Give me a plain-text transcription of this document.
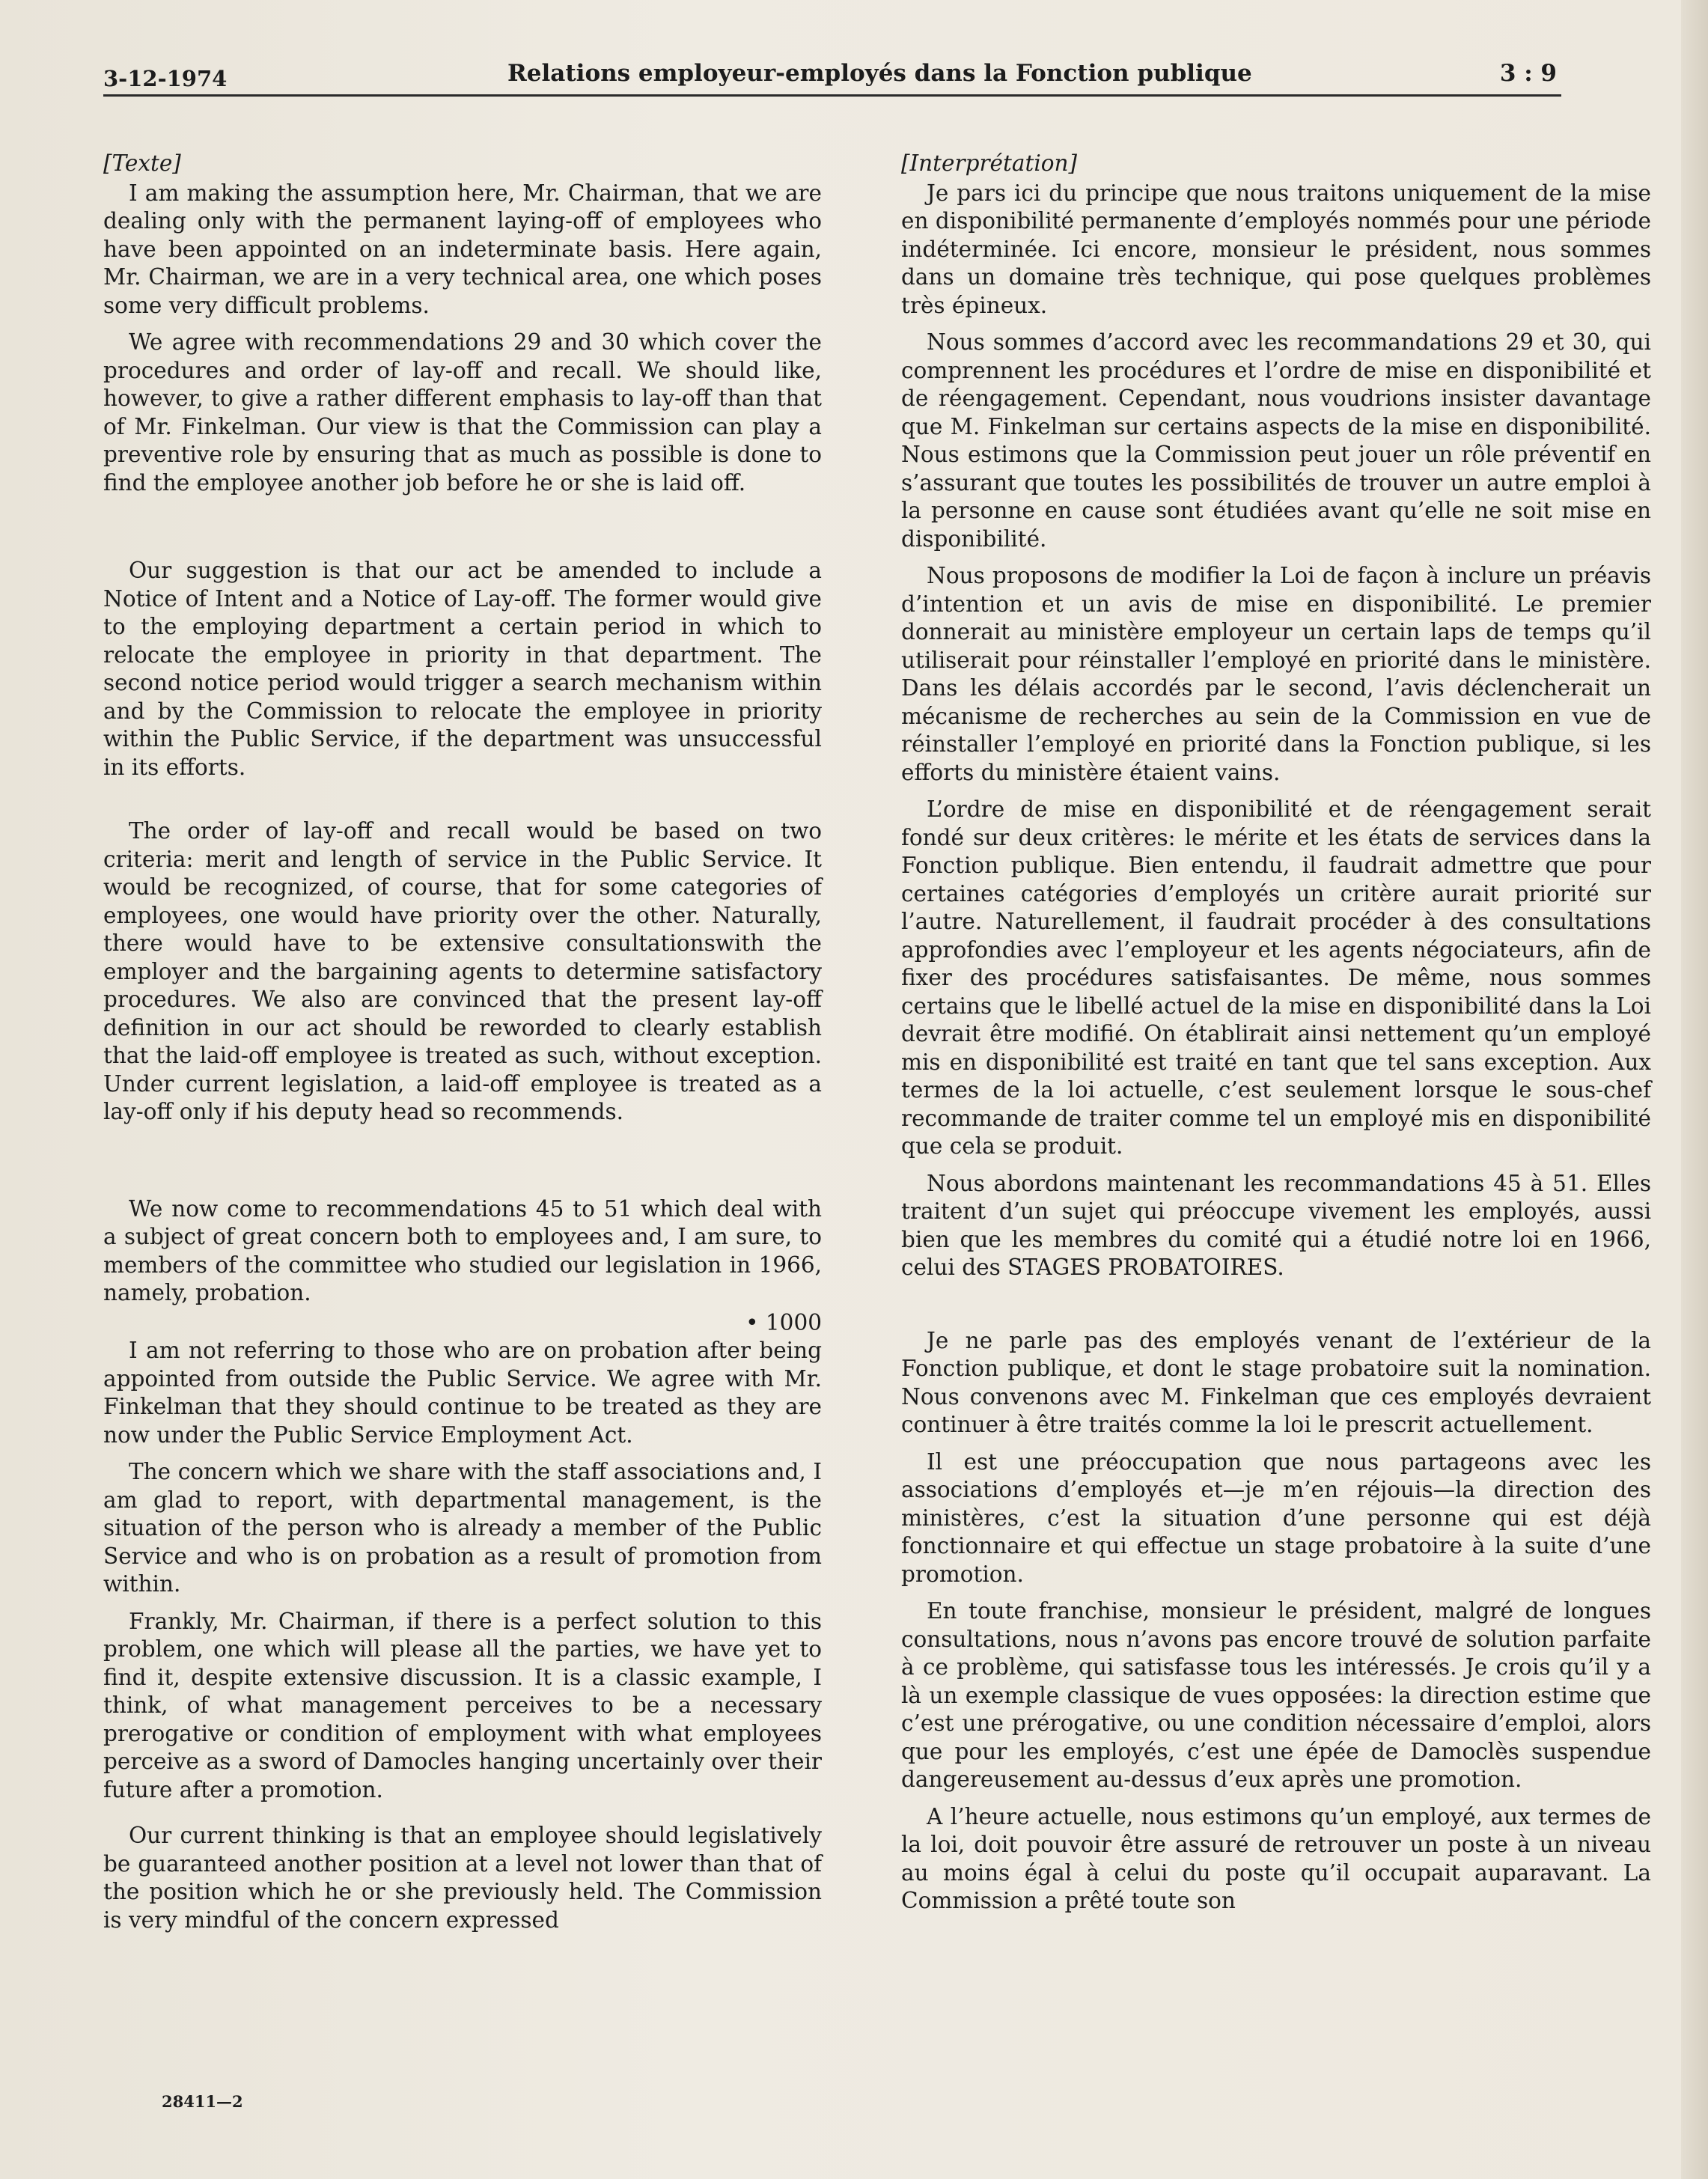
3-12-1974	Relations employeur-employés dans la Fonction publique	3 : 9
[Texte]

I am making the assumption here, Mr. Chairman, that we are dealing only with the permanent laying-off of employees who have been appointed on an indeterminate basis. Here again, Mr. Chairman, we are in a very technical area, one which poses some very difficult problems.

We agree with recommendations 29 and 30 which cover the procedures and order of lay-off and recall. We should like, however, to give a rather different emphasis to lay-off than that of Mr. Finkelman. Our view is that the Commission can play a preventive role by ensuring that as much as possible is done to find the employee another job before he or she is laid off.

Our suggestion is that our act be amended to include a Notice of Intent and a Notice of Lay-off. The former would give to the employing department a certain period in which to relocate the employee in priority in that department. The second notice period would trigger a search mechanism within and by the Commission to relocate the employee in priority within the Public Service, if the department was unsuccessful in its efforts.

The order of lay-off and recall would be based on two criteria: merit and length of service in the Public Service. It would be recognized, of course, that for some categories of employees, one would have priority over the other. Naturally, there would have to be extensive consultationswith the employer and the bargaining agents to determine satisfactory procedures. We also are convinced that the present lay-off definition in our act should be reworded to clearly establish that the laid-off employee is treated as such, without exception. Under current legislation, a laid-off employee is treated as a lay-off only if his deputy head so recommends.

We now come to recommendations 45 to 51 which deal with a subject of great concern both to employees and, I am sure, to members of the committee who studied our legislation in 1966, namely, probation.

• 1000

I am not referring to those who are on probation after being appointed from outside the Public Service. We agree with Mr. Finkelman that they should continue to be treated as they are now under the Public Service Employment Act.

The concern which we share with the staff associations and, I am glad to report, with departmental management, is the situation of the person who is already a member of the Public Service and who is on probation as a result of promotion from within.

Frankly, Mr. Chairman, if there is a perfect solution to this problem, one which will please all the parties, we have yet to find it, despite extensive discussion. It is a classic example, I think, of what management perceives to be a necessary prerogative or condition of employment with what employees perceive as a sword of Damocles hanging uncertainly over their future after a promotion.

Our current thinking is that an employee should legislatively be guaranteed another position at a level not lower than that of the position which he or she previously held. The Commission is very mindful of the concern expressed

[Interprétation]

Je pars ici du principe que nous traitons uniquement de la mise en disponibilité permanente d’employés nommés pour une période indéterminée. Ici encore, monsieur le président, nous sommes dans un domaine très technique, qui pose quelques problèmes très épineux.

Nous sommes d’accord avec les recommandations 29 et 30, qui comprennent les procédures et l’ordre de mise en disponibilité et de réengagement. Cependant, nous voudrions insister davantage que M. Finkelman sur certains aspects de la mise en disponibilité. Nous estimons que la Commission peut jouer un rôle préventif en s’assurant que toutes les possibilités de trouver un autre emploi à la personne en cause sont étudiées avant qu’elle ne soit mise en disponibilité.

Nous proposons de modifier la Loi de façon à inclure un préavis d’intention et un avis de mise en disponibilité. Le premier donnerait au ministère employeur un certain laps de temps qu’il utiliserait pour réinstaller l’employé en priorité dans le ministère. Dans les délais accordés par le second, l’avis déclencherait un mécanisme de recherches au sein de la Commission en vue de réinstaller l’employé en priorité dans la Fonction publique, si les efforts du ministère étaient vains.

L’ordre de mise en disponibilité et de réengagement serait fondé sur deux critères: le mérite et les états de services dans la Fonction publique. Bien entendu, il faudrait admettre que pour certaines catégories d’employés un critère aurait priorité sur l’autre. Naturellement, il faudrait procéder à des consultations approfondies avec l’employeur et les agents négociateurs, afin de fixer des procédures satisfaisantes. De même, nous sommes certains que le libellé actuel de la mise en disponibilité dans la Loi devrait être modifié. On établirait ainsi nettement qu’un employé mis en disponibilité est traité en tant que tel sans exception. Aux termes de la loi actuelle, c’est seulement lorsque le sous-chef recommande de traiter comme tel un employé mis en disponibilité que cela se produit.

Nous abordons maintenant les recommandations 45 à 51. Elles traitent d’un sujet qui préoccupe vivement les employés, aussi bien que les membres du comité qui a étudié notre loi en 1966, celui des STAGES PROBATOIRES.

Je ne parle pas des employés venant de l’extérieur de la Fonction publique, et dont le stage probatoire suit la nomination. Nous convenons avec M. Finkelman que ces employés devraient continuer à être traités comme la loi le prescrit actuellement.

Il est une préoccupation que nous partageons avec les associations d’employés et—je m’en réjouis—la direction des ministères, c’est la situation d’une personne qui est déjà fonctionnaire et qui effectue un stage probatoire à la suite d’une promotion.

En toute franchise, monsieur le président, malgré de longues consultations, nous n’avons pas encore trouvé de solution parfaite à ce problème, qui satisfasse tous les intéressés. Je crois qu’il y a là un exemple classique de vues opposées: la direction estime que c’est une prérogative, ou une condition nécessaire d’emploi, alors que pour les employés, c’est une épée de Damoclès suspendue dangereusement au-dessus d’eux après une promotion.

A l’heure actuelle, nous estimons qu’un employé, aux termes de la loi, doit pouvoir être assuré de retrouver un poste à un niveau au moins égal à celui du poste qu’il occupait auparavant. La Commission a prêté toute son

28411—2
